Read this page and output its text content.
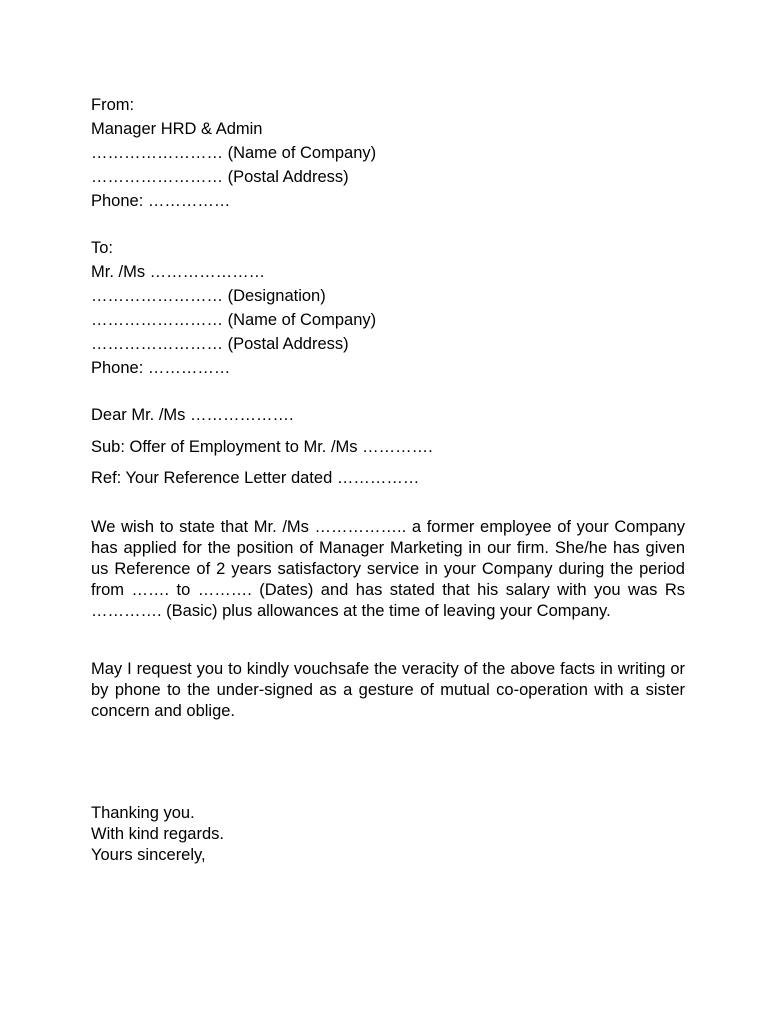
From:
Manager HRD & Admin
…………………… (Name of Company)
…………………… (Postal Address)
Phone: ……………
To:
Mr. /Ms …………………
…………………… (Designation)
…………………… (Name of Company)
…………………… (Postal Address)
Phone: ……………
Dear Mr. /Ms ……………….
Sub: Offer of Employment to Mr. /Ms ………….
Ref: Your Reference Letter dated ……………
We wish to state that Mr. /Ms …………….. a former employee of your Company has applied for the position of Manager Marketing in our firm. She/he has given us Reference of 2 years satisfactory service in your Company during the period from ……. to ………. (Dates) and has stated that his salary with you was Rs …………. (Basic) plus allowances at the time of leaving your Company.
May I request you to kindly vouchsafe the veracity of the above facts in writing or by phone to the under-signed as a gesture of mutual co-operation with a sister concern and oblige.
Thanking you.
With kind regards.
Yours sincerely,
